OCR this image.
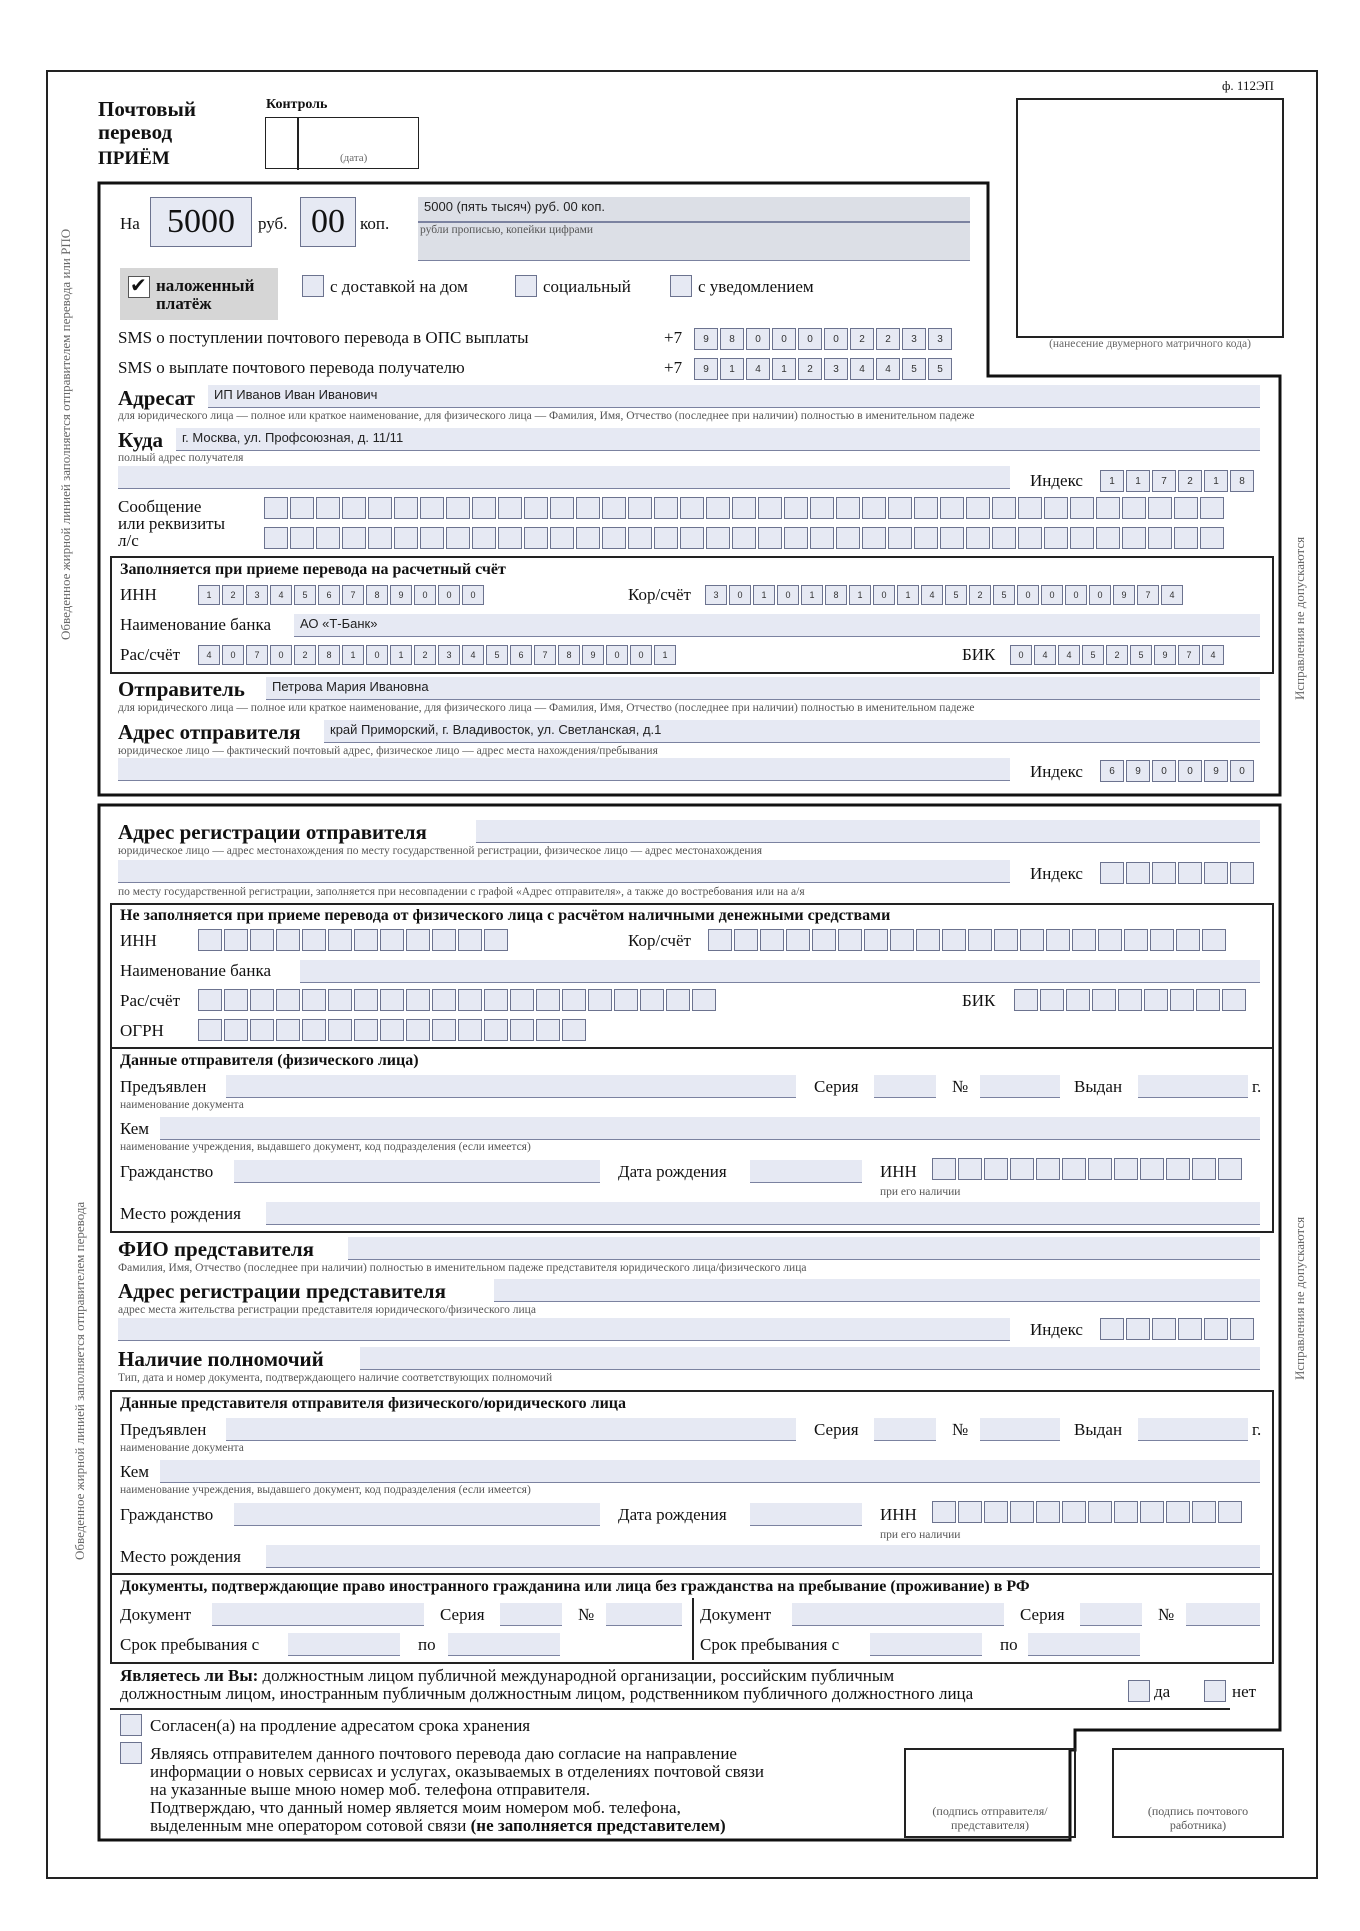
ф. 112ЭП
Обведенное жирной линией заполняется отправителем перевода или РПО
Обведенное жирной линией заполняется отправителем перевода
Исправления не допускаются
Исправления не допускаются
Почтовый
перевод
ПРИЁМ
Контроль
(дата)
(нанесение двумерного матричного кода)
На 5000	руб. 00 коп.
5000 (пять тысяч) руб. 00 коп.
рубли прописью, копейки цифрами
✔ наложенный
платёж
с доставкой на дом	социальный	с уведомлением
SMS о поступлении почтового перевода в ОПС выплаты	+7	9	8	0	0	0	0	2	2	3	3
SMS о выплате почтового перевода получателю	+7	9	1	4	1	2	3	4	4	5	5
Адресат ИП Иванов Иван Иванович
для юридического лица — полное или краткое наименование, для физического лица — Фамилия, Имя, Отчество (последнее при наличии) полностью в именительном падеже
Куда г. Москва, ул. Профсоюзная, д. 11/11
полный адрес получателя
Индекс	1	1	7	2	1	8
Сообщение
или реквизиты
л/с
Заполняется при приеме перевода на расчетный счёт
ИНН	1	2	3	4	5	6	7	8	9	0	0	0	Кор/счёт	3	0	1	0	1	8	1	0	1	4	5	2	5	0	0	0	0	9	7	4
Наименование банка АО «Т-Банк»
Рас/счёт	4	0	7	0	2	8	1	0	1	2	3	4	5	6	7	8	9	0	0	1	БИК	0	4	4	5	2	5	9	7	4
Отправитель Петрова Мария Ивановна
для юридического лица — полное или краткое наименование, для физического лица — Фамилия, Имя, Отчество (последнее при наличии) полностью в именительном падеже
Адрес отправителя край Приморский, г. Владивосток, ул. Светланская, д.1
юридическое лицо — фактический почтовый адрес, физическое лицо — адрес места нахождения/пребывания
Индекс	6	9	0	0	9	0
Адрес регистрации отправителя
юридическое лицо — адрес местонахождения по месту государственной регистрации, физическое лицо — адрес местонахождения
Индекс
по месту государственной регистрации, заполняется при несовпадении с графой «Адрес отправителя», а также до востребования или на а/я
Не заполняется при приеме перевода от физического лица с расчётом наличными денежными средствами
ИНН	Кор/счёт
Наименование банка
Рас/счёт	БИК
ОГРН
Данные отправителя (физического лица)
Предъявлен	Серия	№	Выдан	г.
наименование документа
Кем
наименование учреждения, выдавшего документ, код подразделения (если имеется)
Гражданство	Дата рождения	ИНН
при его наличии
Место рождения
ФИО представителя
Фамилия, Имя, Отчество (последнее при наличии) полностью в именительном падеже представителя юридического лица/физического лица
Адрес регистрации представителя
адрес места жительства регистрации представителя юридического/физического лица
Индекс
Наличие полномочий
Тип, дата и номер документа, подтверждающего наличие соответствующих полномочий
Данные представителя отправителя физического/юридического лица
Предъявлен	Серия	№	Выдан	г.
наименование документа
Кем
наименование учреждения, выдавшего документ, код подразделения (если имеется)
Гражданство	Дата рождения	ИНН
при его наличии
Место рождения
Документы, подтверждающие право иностранного гражданина или лица без гражданства на пребывание (проживание) в РФ
Документ	Серия	№	Документ	Серия	№
Срок пребывания с	по	Срок пребывания с	по
Являетесь ли Вы: должностным лицом публичной международной организации, российским публичным
должностным лицом, иностранным публичным должностным лицом, родственником публичного должностного лица	да	нет
Согласен(а) на продление адресатом срока хранения
Являясь отправителем данного почтового перевода даю согласие на направление
информации о новых сервисах и услугах, оказываемых в отделениях почтовой связи
на указанные выше мною номер моб. телефона отправителя.
Подтверждаю, что данный номер является моим номером моб. телефона,
выделенным мне оператором сотовой связи (не заполняется представителем)
(подпись отправителя/
представителя)
(подпись почтового
работника)
